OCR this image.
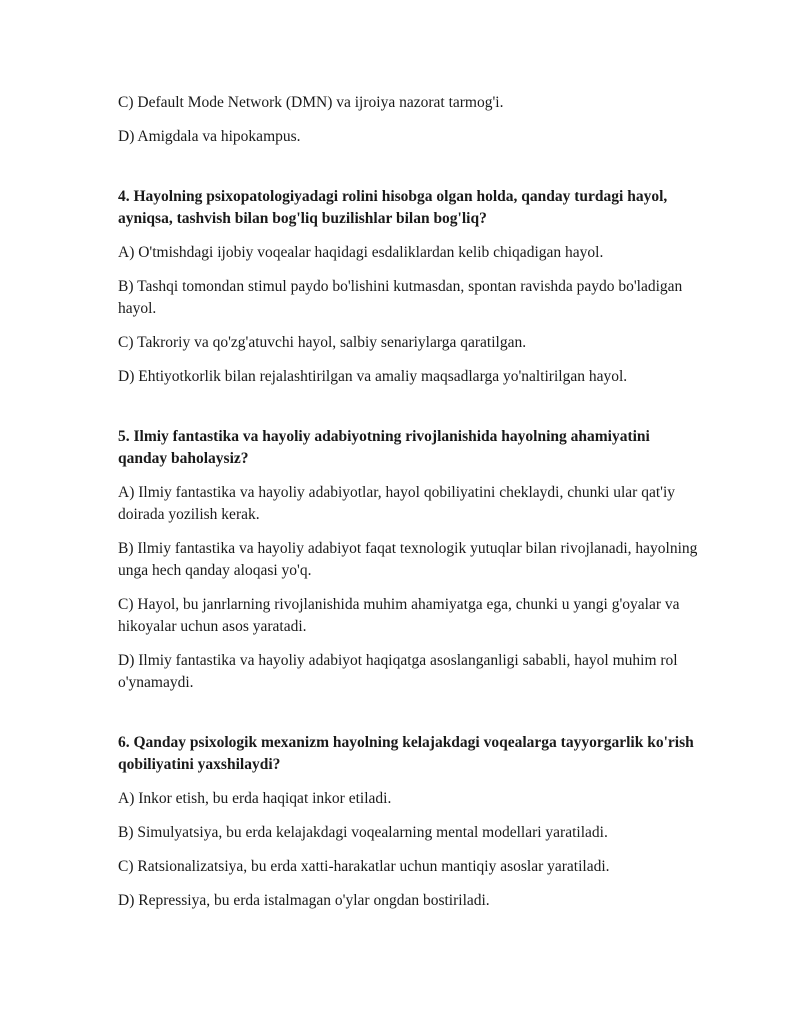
C) Default Mode Network (DMN) va ijroiya nazorat tarmog'i.

D) Amigdala va hipokampus.

4. Hayolning psixopatologiyadagi rolini hisobga olgan holda, qanday turdagi hayol, ayniqsa, tashvish bilan bog'liq buzilishlar bilan bog'liq?

A) O'tmishdagi ijobiy voqealar haqidagi esdaliklardan kelib chiqadigan hayol.

B) Tashqi tomondan stimul paydo bo'lishini kutmasdan, spontan ravishda paydo bo'ladigan hayol.

C) Takroriy va qo'zg'atuvchi hayol, salbiy senariylarga qaratilgan.

D) Ehtiyotkorlik bilan rejalashtirilgan va amaliy maqsadlarga yo'naltirilgan hayol.

5. Ilmiy fantastika va hayoliy adabiyotning rivojlanishida hayolning ahamiyatini qanday baholaysiz?

A) Ilmiy fantastika va hayoliy adabiyotlar, hayol qobiliyatini cheklaydi, chunki ular qat'iy doirada yozilish kerak.

B) Ilmiy fantastika va hayoliy adabiyot faqat texnologik yutuqlar bilan rivojlanadi, hayolning unga hech qanday aloqasi yo'q.

C) Hayol, bu janrlarning rivojlanishida muhim ahamiyatga ega, chunki u yangi g'oyalar va hikoyalar uchun asos yaratadi.

D) Ilmiy fantastika va hayoliy adabiyot haqiqatga asoslanganligi sababli, hayol muhim rol o'ynamaydi.

6. Qanday psixologik mexanizm hayolning kelajakdagi voqealarga tayyorgarlik ko'rish qobiliyatini yaxshilaydi?

A) Inkor etish, bu erda haqiqat inkor etiladi.

B) Simulyatsiya, bu erda kelajakdagi voqealarning mental modellari yaratiladi.

C) Ratsionalizatsiya, bu erda xatti-harakatlar uchun mantiqiy asoslar yaratiladi.

D) Repressiya, bu erda istalmagan o'ylar ongdan bostiriladi.
